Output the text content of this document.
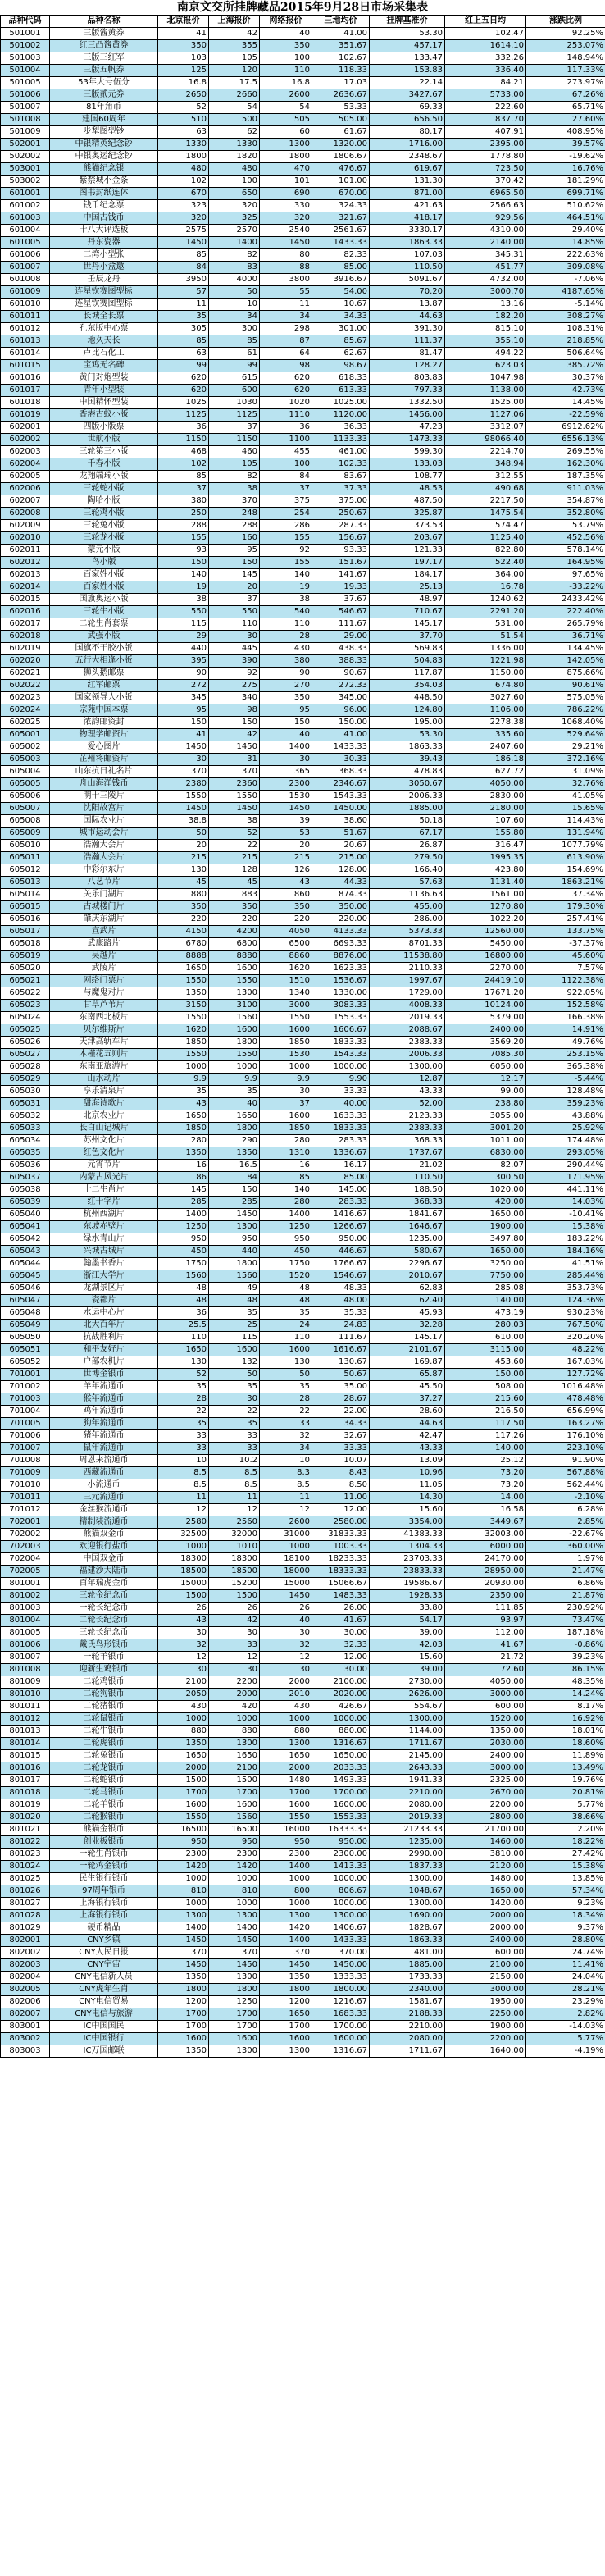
南京文交所挂牌藏品2015年9月28日市场采集表
品种代码	品种名称	北京报价	上海报价	网络报价	三地均价	挂牌基准价	红上五日均	涨跌比例
501001	三版酱黄券	41	42	40	41.00	53.30	102.47	92.25%
501002	红三凸酱黄券	350	355	350	351.67	457.17	1614.10	253.07%
501003	三版三红军	103	105	100	102.67	133.47	332.26	148.94%
501004	三版五帆券	125	120	110	118.33	153.83	336.40	117.33%
501005	53年大号伍分	16.8	17.5	16.8	17.03	22.14	84.21	273.97%
501006	三版贰元券	2650	2660	2600	2636.67	3427.67	5733.00	67.26%
501007	81年角币	52	54	54	53.33	69.33	222.60	65.71%
501008	建国60周年	510	500	505	505.00	656.50	837.70	27.60%
501009	步犁图型钞	63	62	60	61.67	80.17	407.91	408.95%
502001	中银精英纪念钞	1330	1330	1300	1320.00	1716.00	2395.00	39.57%
502002	中银奥运纪念钞	1800	1820	1800	1806.67	2348.67	1778.80	-19.62%
503001	熊猫纪念银	480	480	470	476.67	619.67	723.50	16.76%
503002	紫禁城小金条	102	100	101	101.00	131.30	370.42	181.29%
601001	图书封纸连体	670	650	690	670.00	871.00	6965.50	699.71%
601002	钱币纪念票	323	320	330	324.33	421.63	2566.63	510.62%
601003	中国古钱币	320	325	320	321.67	418.17	929.56	464.51%
601004	十八大评选板	2575	2570	2540	2561.67	3330.17	4310.00	29.40%
601005	丹东瓷器	1450	1400	1450	1433.33	1863.33	2140.00	14.85%
601006	二湾小型张	85	82	80	82.33	107.03	345.31	222.63%
601007	世丹小盒邀	84	83	88	85.00	110.50	451.77	309.08%
601008	壬辰龙丹	3950	4000	3800	3916.67	5091.67	4732.00	-7.06%
601009	连星钦赛图型标	57	50	55	54.00	70.20	3000.70	4187.65%
601010	连星钦赛图型标	11	10	11	10.67	13.87	13.16	-5.14%
601011	长城全长票	35	34	34	34.33	44.63	182.20	308.27%
601012	孔东版中心票	305	300	298	301.00	391.30	815.10	108.31%
601013	地久天长	85	85	87	85.67	111.37	355.10	218.85%
601014	卢比石化工	63	61	64	62.67	81.47	494.22	506.64%
601015	宝鸡无名碑	99	99	98	98.67	128.27	623.03	385.72%
601016	黄门对炮型装	620	615	620	618.33	803.83	1047.98	30.37%
601017	青年小型装	620	600	620	613.33	797.33	1138.00	42.73%
601018	中国精怀型装	1025	1030	1020	1025.00	1332.50	1525.00	14.45%
601019	香港古蚁小版	1125	1125	1110	1120.00	1456.00	1127.06	-22.59%
602001	四版小版票	36	37	36	36.33	47.23	3312.07	6912.62%
602002	世航小版	1150	1150	1100	1133.33	1473.33	98066.40	6556.13%
602003	三轮第三小版	468	460	455	461.00	599.30	2214.70	269.55%
602004	千春小版	102	105	100	102.33	133.03	348.94	162.30%
602005	龙翔端瑞小版	85	82	84	83.67	108.77	312.55	187.35%
602006	三轮蛇小版	37	38	37	37.33	48.53	490.68	911.03%
602007	陶哈小版	380	370	375	375.00	487.50	2217.50	354.87%
602008	三轮鸡小版	250	248	254	250.67	325.87	1475.54	352.80%
602009	三轮兔小版	288	288	286	287.33	373.53	574.47	53.79%
602010	三轮龙小版	155	160	155	156.67	203.67	1125.40	452.56%
602011	蒙元小版	93	95	92	93.33	121.33	822.80	578.14%
602012	鸟小版	150	150	155	151.67	197.17	522.40	164.95%
602013	百家姓小版	140	145	140	141.67	184.17	364.00	97.65%
602014	百家姓小版	19	20	19	19.33	25.13	16.78	-33.22%
602015	国旗奥运小版	38	37	38	37.67	48.97	1240.62	2433.42%
602016	三轮牛小版	550	550	540	546.67	710.67	2291.20	222.40%
602017	二轮生肖套票	115	110	110	111.67	145.17	531.00	265.79%
602018	武强小版	29	30	28	29.00	37.70	51.54	36.71%
602019	国旗不干胶小版	440	445	430	438.33	569.83	1336.00	134.45%
602020	五行大相逢小版	395	390	380	388.33	504.83	1221.98	142.05%
602021	狮头鹅邮票	90	92	90	90.67	117.87	1150.00	875.66%
602022	红军邮票	272	275	270	272.33	354.03	674.80	90.61%
602023	国家领导人小版	345	340	350	345.00	448.50	3027.60	575.05%
602024	宗苑中国本票	95	98	95	96.00	124.80	1106.00	786.22%
602025	浓韵邮资封	150	150	150	150.00	195.00	2278.38	1068.40%
605001	物理学邮资片	41	42	40	41.00	53.30	335.60	529.64%
605002	爱心图片	1450	1450	1400	1433.33	1863.33	2407.60	29.21%
605003	芷州将邮资片	30	31	30	30.33	39.43	186.18	372.16%
605004	山东抗日礼名片	370	370	365	368.33	478.83	627.72	31.09%
605005	舟山海洋钱币	2380	2360	2300	2346.67	3050.67	4050.00	32.76%
605006	明十三陵片	1550	1550	1530	1543.33	2006.33	2830.00	41.05%
605007	沈阳故宫片	1450	1450	1450	1450.00	1885.00	2180.00	15.65%
605008	国际农业片	38.8	38	39	38.60	50.18	107.60	114.43%
605009	城市运动会片	50	52	53	51.67	67.17	155.80	131.94%
605010	浩瀚大会片	20	22	20	20.67	26.87	316.47	1077.79%
605011	浩瀚大会片	215	215	215	215.00	279.50	1995.35	613.90%
605012	中彩尔东片	130	128	126	128.00	166.40	423.80	154.69%
605013	八艺节片	45	45	43	44.33	57.63	1131.40	1863.21%
605014	关乐门湖片	880	883	860	874.33	1136.63	1561.00	37.34%
605015	古城楼门片	350	350	350	350.00	455.00	1270.80	179.30%
605016	肇庆东湖片	220	220	220	220.00	286.00	1022.20	257.41%
605017	宣武片	4150	4200	4050	4133.33	5373.33	12560.00	133.75%
605018	武康路片	6780	6800	6500	6693.33	8701.33	5450.00	-37.37%
605019	吴越片	8888	8880	8860	8876.00	11538.80	16800.00	45.60%
605020	武陵片	1650	1600	1620	1623.33	2110.33	2270.00	7.57%
605021	网络门票片	1550	1550	1510	1536.67	1997.67	24419.10	1122.38%
605022	与魔鬼对片	1350	1300	1340	1330.00	1729.00	17671.20	922.05%
605023	甘草芦苇片	3150	3100	3000	3083.33	4008.33	10124.00	152.58%
605024	东南西北板片	1550	1560	1550	1553.33	2019.33	5379.00	166.38%
605025	贝尔维斯片	1620	1600	1600	1606.67	2088.67	2400.00	14.91%
605026	天津高轨车片	1850	1800	1850	1833.33	2383.33	3569.20	49.76%
605027	木槿花五则片	1550	1550	1530	1543.33	2006.33	7085.30	253.15%
605028	东南亚旅游片	1000	1000	1000	1000.00	1300.00	6050.00	365.38%
605029	山水动片	9.9	9.9	9.9	9.90	12.87	12.17	-5.44%
605030	享乐清泉片	35	35	30	33.33	43.33	99.00	128.48%
605031	甜海诗歌片	43	40	37	40.00	52.00	238.80	359.23%
605032	北京农业片	1650	1650	1600	1633.33	2123.33	3055.00	43.88%
605033	长白山记城片	1850	1800	1850	1833.33	2383.33	3001.20	25.92%
605034	苏州文化片	280	290	280	283.33	368.33	1011.00	174.48%
605035	红色文化片	1350	1350	1310	1336.67	1737.67	6830.00	293.05%
605036	元宵节片	16	16.5	16	16.17	21.02	82.07	290.44%
605037	内蒙古风光片	86	84	85	85.00	110.50	300.50	171.95%
605038	十二生肖片	145	150	140	145.00	188.50	1020.00	441.11%
605039	红十字片	285	285	280	283.33	368.33	420.00	14.03%
605040	杭州西湖片	1400	1450	1400	1416.67	1841.67	1650.00	-10.41%
605041	东坡赤壁片	1250	1300	1250	1266.67	1646.67	1900.00	15.38%
605042	绿水青山片	950	950	950	950.00	1235.00	3497.80	183.22%
605043	兴城古城片	450	440	450	446.67	580.67	1650.00	184.16%
605044	翰墨书香片	1750	1800	1750	1766.67	2296.67	3250.00	41.51%
605045	浙江大学片	1560	1560	1520	1546.67	2010.67	7750.00	285.44%
605046	龙湖景区片	48	49	48	48.33	62.83	285.08	353.73%
605047	瓷都片	48	48	48	48.00	62.40	140.00	124.36%
605048	水运中心片	36	35	35	35.33	45.93	473.19	930.23%
605049	北大百年片	25.5	25	24	24.83	32.28	280.03	767.50%
605050	抗战胜利片	110	115	110	111.67	145.17	610.00	320.20%
605051	和平友好片	1650	1600	1600	1616.67	2101.67	3115.00	48.22%
605052	户部农机片	130	132	130	130.67	169.87	453.60	167.03%
701001	世博金银币	52	50	50	50.67	65.87	150.00	127.72%
701002	羊年流通币	35	35	35	35.00	45.50	508.00	1016.48%
701003	猴年流通币	28	30	28	28.67	37.27	215.60	478.48%
701004	鸡年流通币	22	22	22	22.00	28.60	216.50	656.99%
701005	狗年流通币	35	35	33	34.33	44.63	117.50	163.27%
701006	猪年流通币	33	33	32	32.67	42.47	117.26	176.10%
701007	鼠年流通币	33	33	34	33.33	43.33	140.00	223.10%
701008	周恩来流通币	10	10.2	10	10.07	13.09	25.12	91.90%
701009	西藏流通币	8.5	8.5	8.3	8.43	10.96	73.20	567.88%
701010	小流通币	8.5	8.5	8.5	8.50	11.05	73.20	562.44%
701011	三元流通币	11	11	11	11.00	14.30	14.00	-2.10%
701012	金丝猴流通币	12	12	12	12.00	15.60	16.58	6.28%
702001	精制装流通币	2580	2560	2600	2580.00	3354.00	3449.67	2.85%
702002	熊猫双金币	32500	32000	31000	31833.33	41383.33	32003.00	-22.67%
702003	欢迎银行盐币	1000	1010	1000	1003.33	1304.33	6000.00	360.00%
702004	中国双金币	18300	18300	18100	18233.33	23703.33	24170.00	1.97%
702005	福建沙大陆币	18500	18500	18000	18333.33	23833.33	28950.00	21.47%
801001	百年瑞虎金币	15000	15200	15000	15066.67	19586.67	20930.00	6.86%
801002	三轮金纪念币	1500	1500	1450	1483.33	1928.33	2350.00	21.87%
801003	一轮长纪念币	26	26	26	26.00	33.80	111.85	230.92%
801004	二轮长纪念币	43	42	40	41.67	54.17	93.97	73.47%
801005	三轮长纪念币	30	30	30	30.00	39.00	112.00	187.18%
801006	戴氏鸟形银币	32	33	32	32.33	42.03	41.67	-0.86%
801007	一轮羊银币	12	12	12	12.00	15.60	21.72	39.23%
801008	迎新生鸡银币	30	30	30	30.00	39.00	72.60	86.15%
801009	二轮鸡银币	2100	2200	2000	2100.00	2730.00	4050.00	48.35%
801010	二轮狗银币	2050	2000	2010	2020.00	2626.00	3000.00	14.24%
801011	二轮猪银币	430	420	430	426.67	554.67	600.00	8.17%
801012	二轮鼠银币	1000	1000	1000	1000.00	1300.00	1520.00	16.92%
801013	二轮牛银币	880	880	880	880.00	1144.00	1350.00	18.01%
801014	二轮虎银币	1350	1300	1300	1316.67	1711.67	2030.00	18.60%
801015	二轮兔银币	1650	1650	1650	1650.00	2145.00	2400.00	11.89%
801016	二轮龙银币	2000	2100	2000	2033.33	2643.33	3000.00	13.49%
801017	二轮蛇银币	1500	1500	1480	1493.33	1941.33	2325.00	19.76%
801018	二轮马银币	1700	1700	1700	1700.00	2210.00	2670.00	20.81%
801019	二轮羊银币	1600	1600	1600	1600.00	2080.00	2200.00	5.77%
801020	二轮猴银币	1550	1560	1550	1553.33	2019.33	2800.00	38.66%
801021	熊猫金银币	16500	16500	16000	16333.33	21233.33	21700.00	2.20%
801022	创业板银币	950	950	950	950.00	1235.00	1460.00	18.22%
801023	一轮生肖银币	2300	2300	2300	2300.00	2990.00	3810.00	27.42%
801024	一轮鸡金银币	1420	1420	1400	1413.33	1837.33	2120.00	15.38%
801025	民生银行银币	1000	1000	1000	1000.00	1300.00	1480.00	13.85%
801026	97周年银币	810	810	800	806.67	1048.67	1650.00	57.34%
801027	上海银行银币	1000	1000	1000	1000.00	1300.00	1420.00	9.23%
801028	上海银行银币	1300	1300	1300	1300.00	1690.00	2000.00	18.34%
801029	硬币精品	1400	1400	1420	1406.67	1828.67	2000.00	9.37%
802001	CNY乡镇	1450	1450	1400	1433.33	1863.33	2400.00	28.80%
802002	CNY人民日报	370	370	370	370.00	481.00	600.00	24.74%
802003	CNY宇宙	1450	1450	1450	1450.00	1885.00	2100.00	11.41%
802004	CNY电信新人员	1350	1300	1350	1333.33	1733.33	2150.00	24.04%
802005	CNY虎年生肖	1800	1800	1800	1800.00	2340.00	3000.00	28.21%
802006	CNY电信贸易	1200	1250	1200	1216.67	1581.67	1950.00	23.29%
802007	CNY电信与旅游	1700	1700	1650	1683.33	2188.33	2250.00	2.82%
803001	IC中国国民	1700	1700	1700	1700.00	2210.00	1900.00	-14.03%
803002	IC中国银行	1600	1600	1600	1600.00	2080.00	2200.00	5.77%
803003	IC万国邮联	1350	1300	1300	1316.67	1711.67	1640.00	-4.19%
